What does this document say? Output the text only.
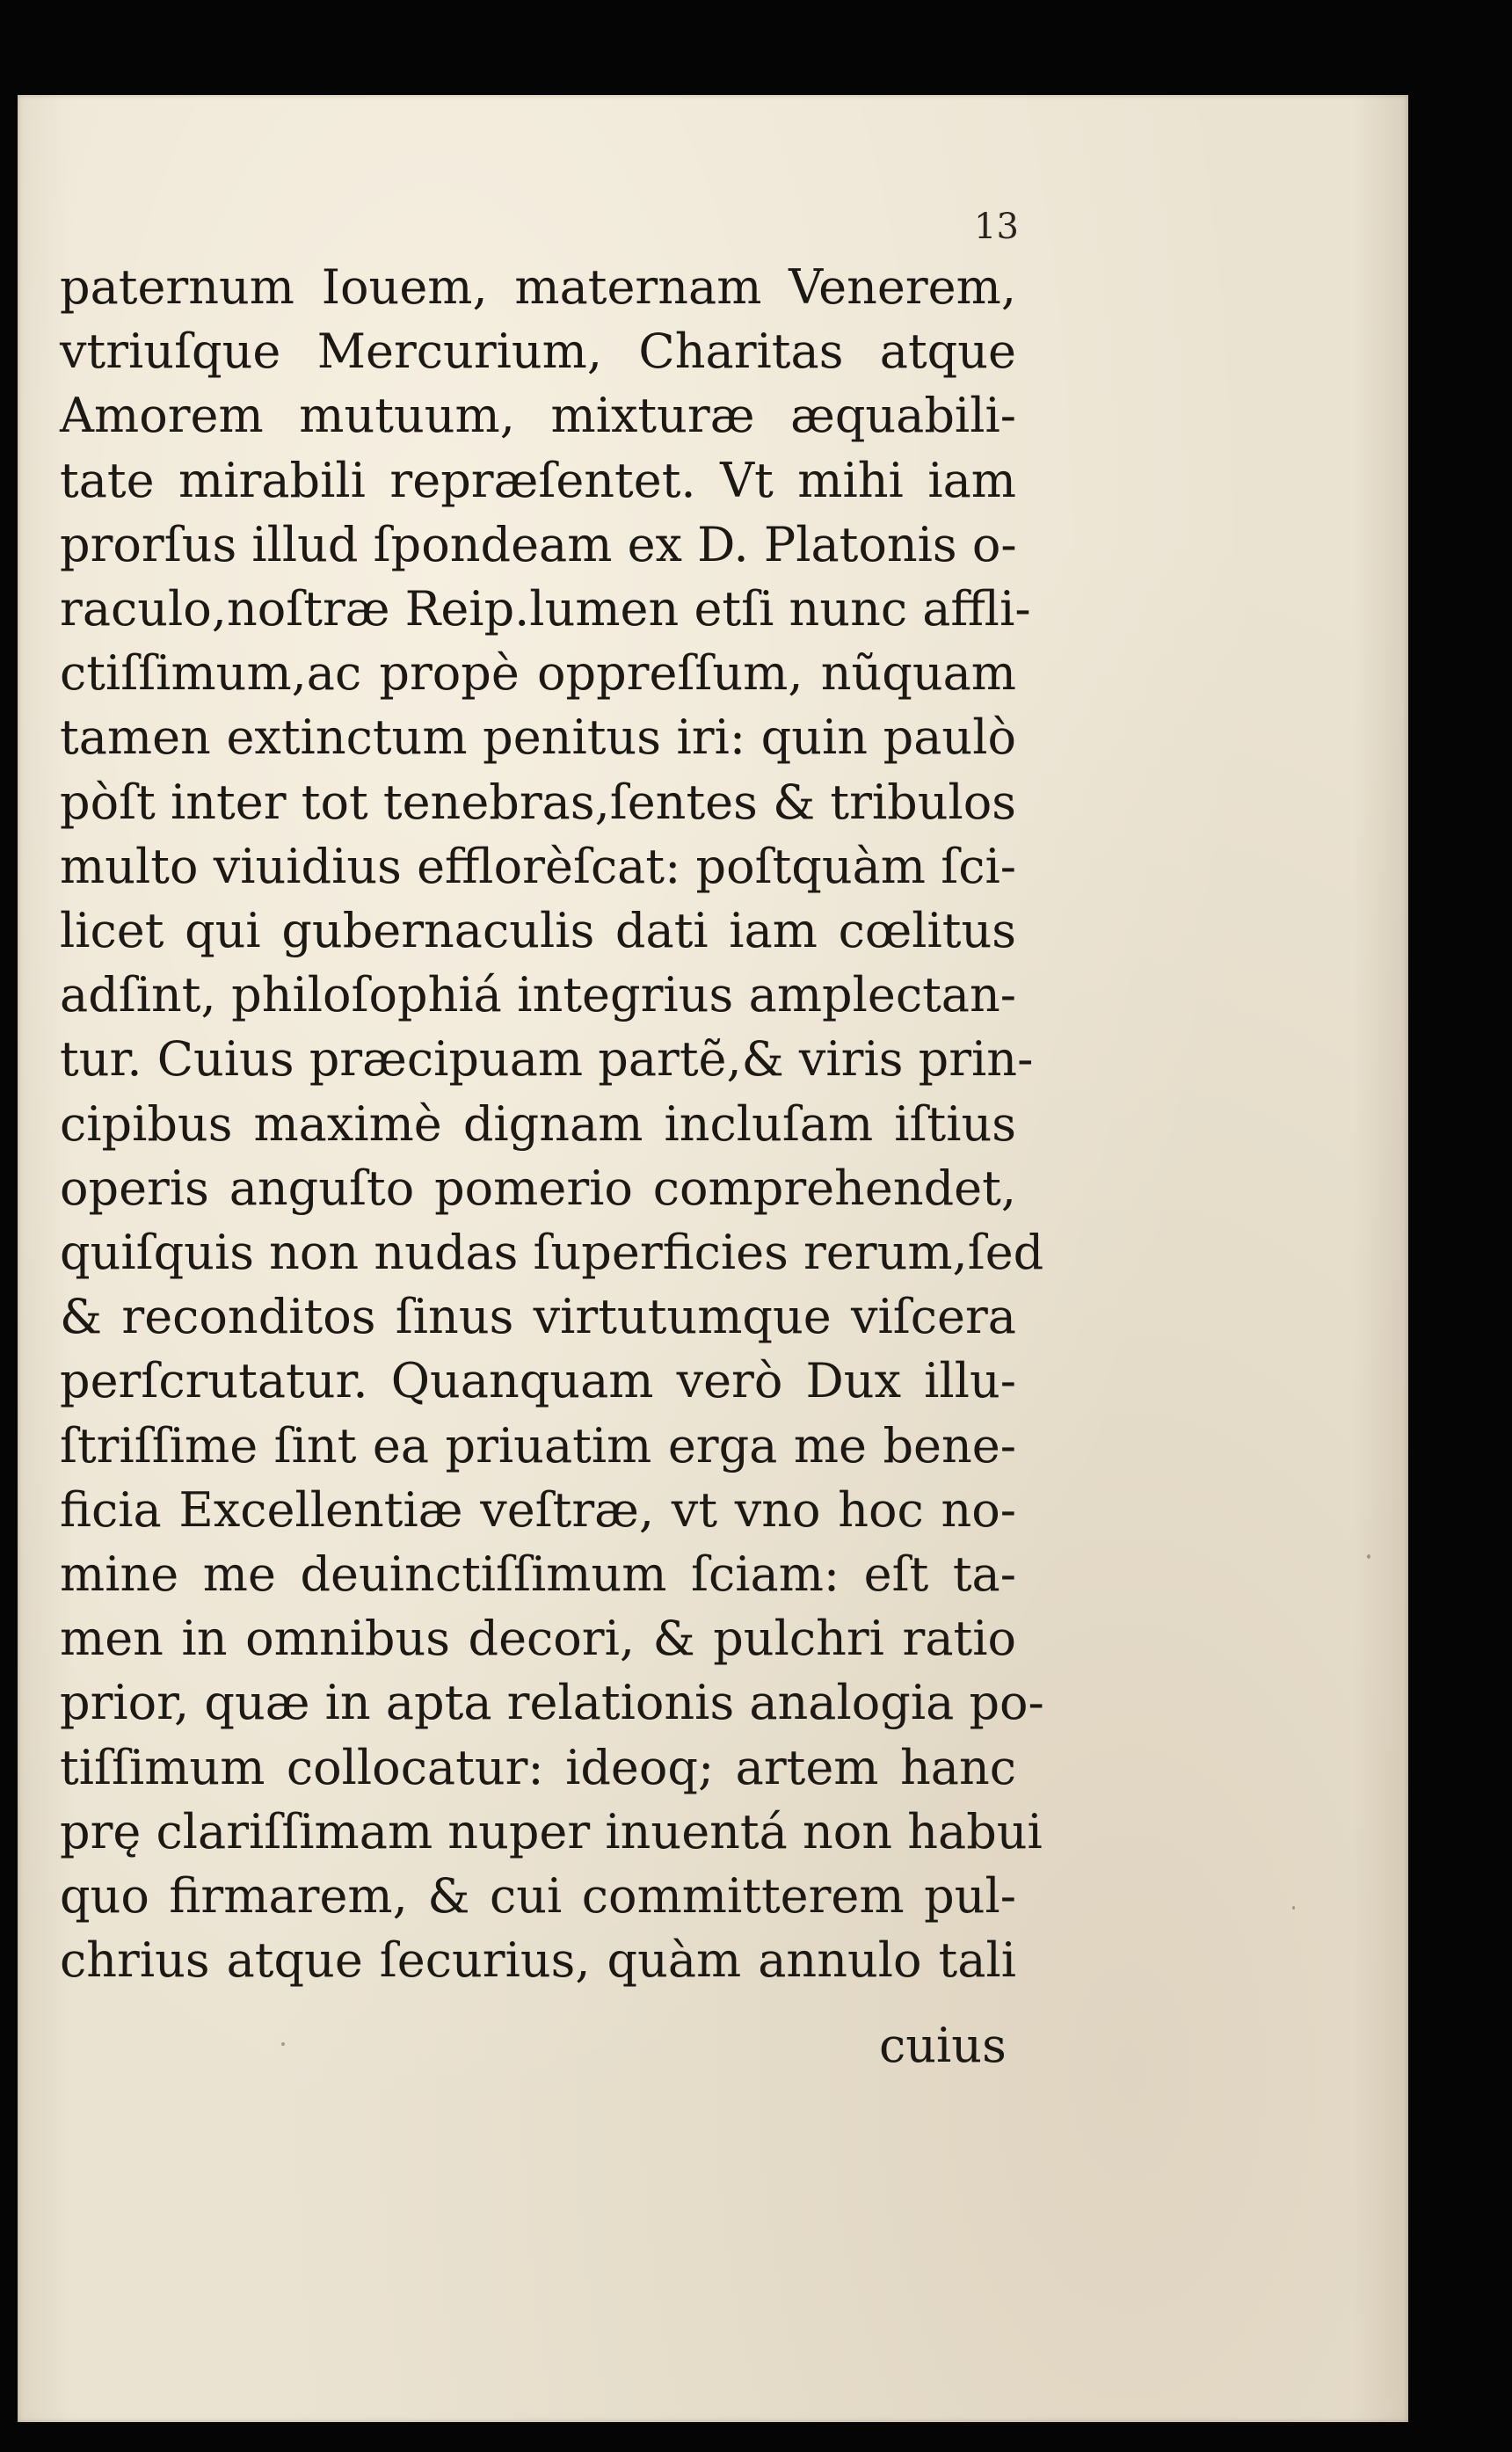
13

paternum Iouem, maternam Venerem,
vtriuſque Mercurium, Charitas atque
Amorem mutuum, mixturæ æquabili-
tate mirabili repræſentet. Vt mihi iam
prorſus illud ſpondeam ex D. Platonis o-
raculo,noſtræ Reip.lumen etſi nunc affli-
ctiſſimum,ac propè oppreſſum, nũquam
tamen extinctum penitus iri: quin paulò
pòſt inter tot tenebras,ſentes & tribulos
multo viuidius efflorèſcat: poſtquàm ſci-
licet qui gubernaculis dati iam cœlitus
adſint, philoſophiá integrius amplectan-
tur. Cuius præcipuam partẽ,& viris prin-
cipibus maximè dignam incluſam iſtius
operis anguſto pomerio comprehendet,
quiſquis non nudas ſuperficies rerum,ſed
& reconditos ſinus virtutumque viſcera
perſcrutatur. Quanquam verò Dux illu-
ſtriſſime ſint ea priuatim erga me bene-
ficia Excellentiæ veſtræ, vt vno hoc no-
mine me deuinctiſſimum ſciam: eſt ta-
men in omnibus decori, & pulchri ratio
prior, quæ in apta relationis analogia po-
tiſſimum collocatur: ideoq; artem hanc
prę clariſſimam nuper inuentá non habui
quo firmarem, & cui committerem pul-
chrius atque ſecurius, quàm annulo tali

cuius
